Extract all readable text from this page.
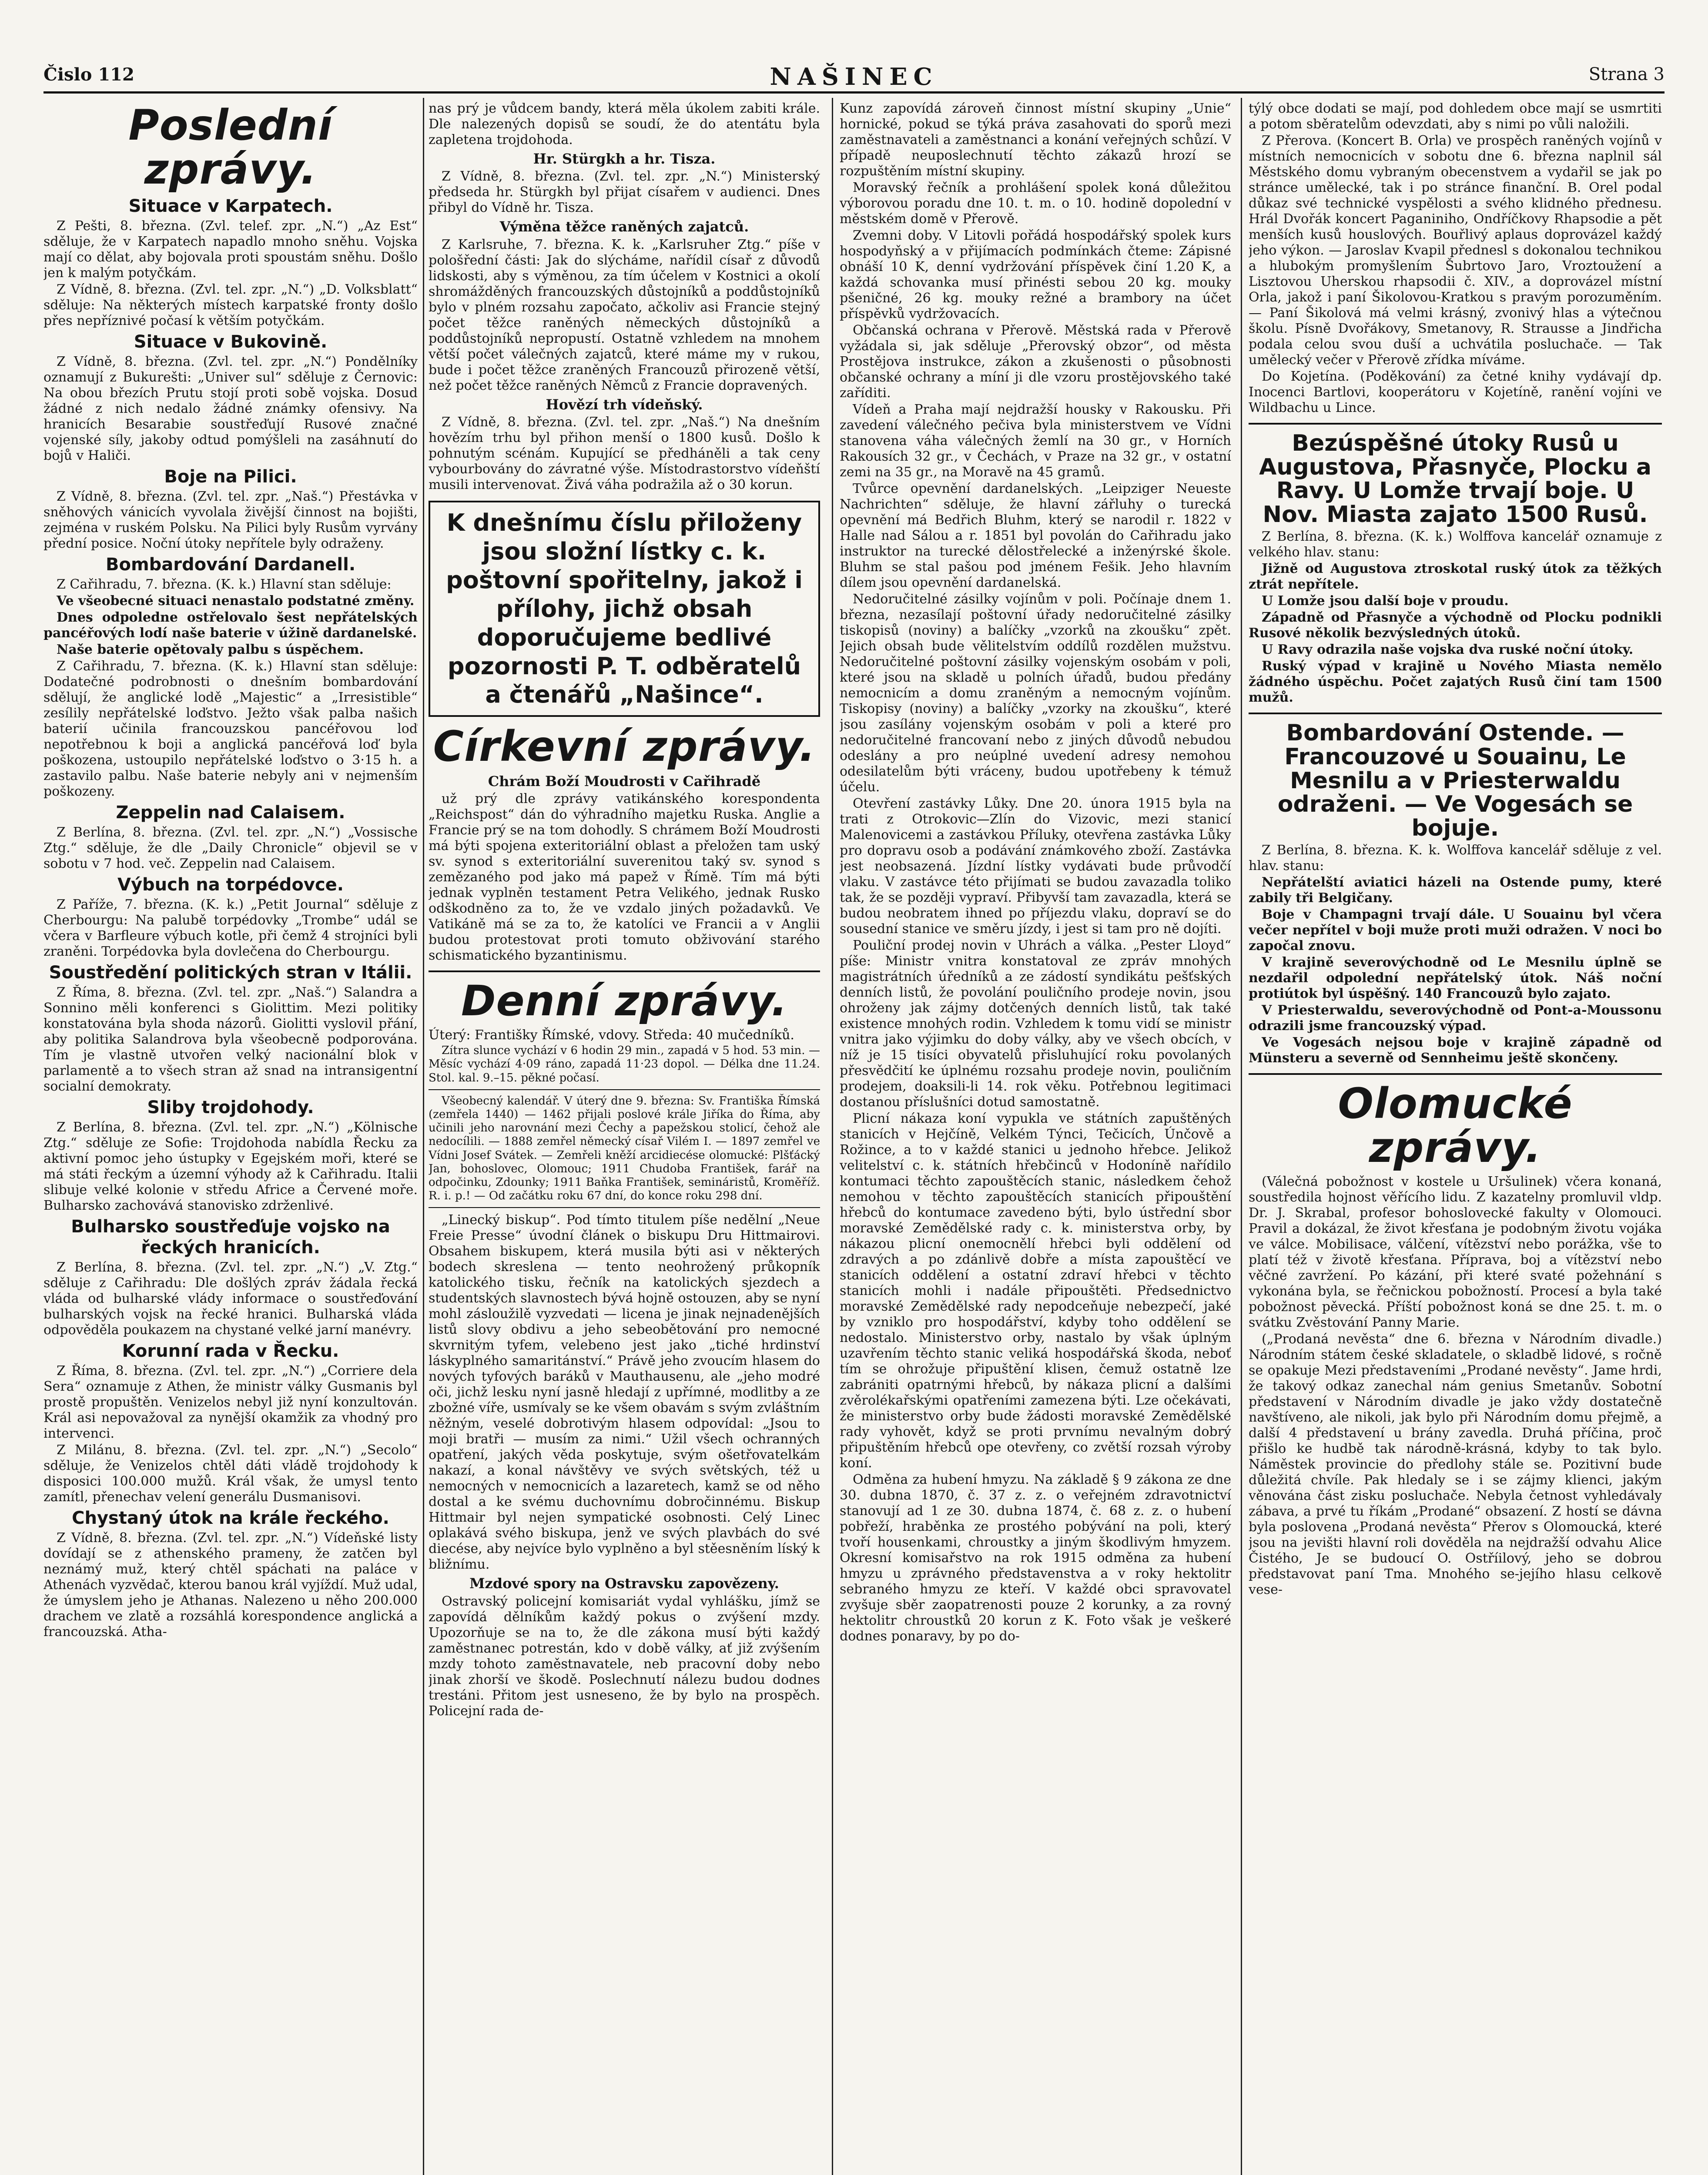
Čislo 112	NAŠINEC	Strana 3
Poslední zprávy.
Situace v Karpatech.

Z Pešti, 8. března. (Zvl. telef. zpr. „N.“) „Az Est“ sděluje, že v Karpatech napadlo mnoho sněhu. Vojska mají co dělat, aby bojovala proti spoustám sněhu. Došlo jen k malým potyčkám.

Z Vídně, 8. března. (Zvl. tel. zpr. „N.“) „D. Volksblatt“ sděluje: Na některých místech karpatské fronty došlo přes nepříznivé počasí k větším potyčkám.

Situace v Bukovině.

Z Vídně, 8. března. (Zvl. tel. zpr. „N.“) Pondělníky oznamují z Bukurešti: „Univer sul“ sděluje z Černovic: Na obou březích Prutu stojí proti sobě vojska. Dosud žádné z nich nedalo žádné známky ofensivy. Na hranicích Besarabie soustřeďují Rusové značné vojenské síly, jakoby odtud pomýšleli na zasáhnutí do bojů v Haliči.

Boje na Pilici.

Z Vídně, 8. března. (Zvl. tel. zpr. „Naš.“) Přestávka v sněhových vánicích vyvolala živější činnost na bojišti, zejména v ruském Polsku. Na Pilici byly Rusům vyrvány přední posice. Noční útoky nepřítele byly odraženy.

Bombardování Dardanell.

Z Cařihradu, 7. března. (K. k.) Hlavní stan sděluje:

Ve všeobecné situaci nenastalo podstatné změny.

Dnes odpoledne ostřelovalo šest nepřátelských pancéřových lodí naše baterie v úžině dardanelské.

Naše baterie opětovaly palbu s úspěchem.

Z Cařihradu, 7. března. (K. k.) Hlavní stan sděluje: Dodatečné podrobnosti o dnešním bombardování sdělují, že anglické lodě „Majestic“ a „Irresistible“ zesílily nepřátelské loďstvo. Ježto však palba našich baterií učinila francouzskou pancéřovou loď nepotřebnou k boji a anglická pancéřová loď byla poškozena, ustoupilo nepřátelské loďstvo o 3·15 h. a zastavilo palbu. Naše baterie nebyly ani v nejmenším poškozeny.

Zeppelin nad Calaisem.

Z Berlína, 8. března. (Zvl. tel. zpr. „N.“) „Vossische Ztg.“ sděluje, že dle „Daily Chronicle“ objevil se v sobotu v 7 hod. več. Zeppelin nad Calaisem.

Výbuch na torpédovce.

Z Paříže, 7. března. (K. k.) „Petit Journal“ sděluje z Cherbourgu: Na palubě torpédovky „Trombe“ udál se včera v Barfleure výbuch kotle, při čemž 4 strojníci byli zraněni. Torpédovka byla dovlečena do Cherbourgu.

Soustředění politických stran v Itálii.

Z Říma, 8. března. (Zvl. tel. zpr. „Naš.“) Salandra a Sonnino měli konferenci s Giolittim. Mezi politiky konstatována byla shoda názorů. Giolitti vyslovil přání, aby politika Salandrova byla všeobecně podporována. Tím je vlastně utvořen velký nacionální blok v parlamentě a to všech stran až snad na intransigentní socialní demokraty.

Sliby trojdohody.

Z Berlína, 8. března. (Zvl. tel. zpr. „N.“) „Kölnische Ztg.“ sděluje ze Sofie: Trojdohoda nabídla Řecku za aktivní pomoc jeho ústupky v Egejském moři, které se má státi řeckým a územní výhody až k Cařihradu. Italii slibuje velké kolonie v středu Africe a Červené moře. Bulharsko zachovává stanovisko zdrženlivé.

Bulharsko soustřeďuje vojsko na řeckých hranicích.

Z Berlína, 8. března. (Zvl. tel. zpr. „N.“) „V. Ztg.“ sděluje z Cařihradu: Dle došlých zpráv žádala řecká vláda od bulharské vlády informace o soustřeďování bulharských vojsk na řecké hranici. Bulharská vláda odpověděla poukazem na chystané velké jarní manévry.

Korunní rada v Řecku.

Z Říma, 8. března. (Zvl. tel. zpr. „N.“) „Corriere dela Sera“ oznamuje z Athen, že ministr války Gusmanis byl prostě propuštěn. Venizelos nebyl již nyní konzultován. Král asi nepovažoval za nynější okamžik za vhodný pro intervenci.

Z Milánu, 8. března. (Zvl. tel. zpr. „N.“) „Secolo“ sděluje, že Venizelos chtěl dáti vládě trojdohody k disposici 100.000 mužů. Král však, že umysl tento zamítl, přenechav velení generálu Dusmanisovi.

Chystaný útok na krále řeckého.

Z Vídně, 8. března. (Zvl. tel. zpr. „N.“) Vídeňské listy dovídají se z athenského prameny, že zatčen byl neznámý muž, který chtěl spáchati na paláce v Athenách vyzvědač, kterou banou král vyjíždí. Muž udal, že úmyslem jeho je Athanas. Nalezeno u něho 200.000 drachem ve zlatě a rozsáhlá korespondence anglická a francouzská. Atha-

nas prý je vůdcem bandy, která měla úkolem zabiti krále. Dle nalezených dopisů se soudí, že do atentátu byla zapletena trojdohoda.

Hr. Stürgkh a hr. Tisza.

Z Vídně, 8. března. (Zvl. tel. zpr. „N.“) Ministerský předseda hr. Stürgkh byl přijat císařem v audienci. Dnes přibyl do Vídně hr. Tisza.

Výměna těžce raněných zajatců.

Z Karlsruhe, 7. března. K. k. „Karlsruher Ztg.“ píše v pološřední části: Jak do slýcháme, nařídil císař z důvodů lidskosti, aby s výměnou, za tím účelem v Kostnici a okolí shromážděných francouzských důstojníků a poddůstojníků bylo v plném rozsahu započato, ačkoliv asi Francie stejný počet těžce raněných německých důstojníků a poddůstojníků nepropustí. Ostatně vzhledem na mnohem větší počet válečných zajatců, které máme my v rukou, bude i počet těžce zraněných Francouzů přirozeně větší, než počet těžce raněných Němců z Francie dopravených.

Hovězí trh vídeňský.

Z Vídně, 8. března. (Zvl. tel. zpr. „Naš.“) Na dnešním hovězím trhu byl přihon menší o 1800 kusů. Došlo k pohnutým scénám. Kupující se předháněli a tak ceny vybourbovány do závratné výše. Místodrastorstvo vídeňští musili intervenovat. Živá váha podražila až o 30 korun.

K dnešnímu číslu přiloženy jsou složní lístky c. k. poštovní spořitelny, jakož i přílohy, jichž obsah doporučujeme bedlivé pozornosti P. T. odběratelů a čtenářů „Našince“.
Církevní zprávy.
Chrám Boží Moudrosti v Cařihradě

už prý dle zprávy vatikánského korespondenta „Reichspost“ dán do výhradního majetku Ruska. Anglie a Francie prý se na tom dohodly. S chrámem Boží Moudrosti má býti spojena exteritoriální oblast a přeložen tam uský sv. synod s exteritoriální suverenitou taký sv. synod s zemězaného pod jako má papež v Římě. Tím má býti jednak vyplněn testament Petra Velikého, jednak Rusko odškodněno za to, že ve vzdalo jiných požadavků. Ve Vatikáně má se za to, že katolíci ve Francii a v Anglii budou protestovat proti tomuto obživování starého schismatického byzantinismu.

Denní zprávy.

Úterý: Františky Římské, vdovy. Středa: 40 mučedníků.

Zítra slunce vychází v 6 hodin 29 min., zapadá v 5 hod. 53 min. — Měsíc vychází 4·09 ráno, zapadá 11·23 dopol. — Délka dne 11.24. Stol. kal. 9.–15. pěkné počasí.

Všeobecný kalendář. V úterý dne 9. března: Sv. Františka Římská (zemřela 1440) — 1462 přijali poslové krále Jiříka do Říma, aby učinili jeho narovnání mezi Čechy a papežskou stolicí, čehož ale nedocílili. — 1888 zemřel německý císař Vilém I. — 1897 zemřel ve Vídni Josef Svátek. — Zemřeli kněží arcidiecése olomucké: Plšťácký Jan, bohoslovec, Olomouc; 1911 Chudoba František, farář na odpočinku, Zdounky; 1911 Baňka František, semináristů, Kroměříž. R. i. p.! — Od začátku roku 67 dní, do konce roku 298 dní.

„Linecký biskup“. Pod tímto titulem píše nedělní „Neue Freie Presse“ úvodní článek o biskupu Dru Hittmairovi. Obsahem biskupem, která musila býti asi v některých bodech skreslena — tento neohrožený průkopník katolického tisku, řečník na katolických sjezdech a studentských slavnostech bývá hojně ostouzen, aby se nyní mohl zásloužilě vyzvedati — licena je jinak nejnadenějších listů slovy obdivu a jeho sebeobětování pro nemocné skvrnitým tyfem, velebeno jest jako „tiché hrdinství láskyplného samaritánství.“ Právě jeho zvoucím hlasem do nových tyfových baráků v Mauthausenu, ale „jeho modré oči, jichž lesku nyní jasně hledají z upřímné, modlitby a ze zbožné víře, usmívaly se ke všem obavám s svým zvláštním něžným, veselé dobrotivým hlasem odpovídal: „Jsou to moji bratři — musím za nimi.“ Užil všech ochranných opatření, jakých věda poskytuje, svým ošetřovatelkám nakazí, a konal návštěvy ve svých světských, též u nemocných v nemocnicích a lazaretech, kamž se od něho dostal a ke svému duchovnímu dobročinnému. Biskup Hittmair byl nejen sympatické osobnosti. Celý Linec oplakává svého biskupa, jenž ve svých plavbách do své diecése, aby nejvíce bylo vyplněno a byl stěesněním líský k bližnímu.

Mzdové spory na Ostravsku zapovězeny.

Ostravský policejní komisariát vydal vyhlášku, jímž se zapovídá dělníkům každý pokus o zvýšení mzdy. Upozorňuje se na to, že dle zákona musí býti každý zaměstnanec potrestán, kdo v době války, ať již zvýšením mzdy tohoto zaměstnavatele, neb pracovní doby nebo jinak zhorší ve škodě. Poslechnutí nálezu budou dodnes trestáni. Přitom jest usneseno, že by bylo na prospěch. Policejní rada de-

Kunz zapovídá zároveň činnost místní skupiny „Unie“ hornické, pokud se týká práva zasahovati do sporů mezi zaměstnavateli a zaměstnanci a konání veřejných schůzí. V případě neuposlechnutí těchto zákazů hrozí se rozpuštěním místní skupiny.

Moravský řečník a prohlášení spolek koná důležitou výborovou poradu dne 10. t. m. o 10. hodině dopolední v městském domě v Přerově.

Zvemni doby. V Litovli pořádá hospodářský spolek kurs hospodyňský a v přijímacích podmínkách čteme: Zápisné obnáší 10 K, denní vydržování příspěvek činí 1.20 K, a každá schovanka musí přinésti sebou 20 kg. mouky pšeničné, 26 kg. mouky režné a brambory na účet příspěvků vydržovacích.

Občanská ochrana v Přerově. Městská rada v Přerově vyžádala si, jak sděluje „Přerovský obzor“, od města Prostějova instrukce, zákon a zkušenosti o působnosti občanské ochrany a míní ji dle vzoru prostějovského také zaříditi.

Vídeň a Praha mají nejdražší housky v Rakousku. Při zavedení válečného pečiva byla ministerstvem ve Vídni stanovena váha válečných žemlí na 30 gr., v Horních Rakousích 32 gr., v Čechách, v Praze na 32 gr., v ostatní zemi na 35 gr., na Moravě na 45 gramů.

Tvůrce opevnění dardanelských. „Leipziger Neueste Nachrichten“ sděluje, že hlavní zářluhy o turecká opevnění má Bedřich Bluhm, který se narodil r. 1822 v Halle nad Sálou a r. 1851 byl povolán do Cařihradu jako instruktor na turecké dělostřelecké a inženýrské škole. Bluhm se stal pašou pod jménem Fešik. Jeho hlavním dílem jsou opevnění dardanelská.

Nedoručitelné zásilky vojínům v poli. Počínaje dnem 1. března, nezasílají poštovní úřady nedoručitelné zásilky tiskopisů (noviny) a balíčky „vzorků na zkoušku“ zpět. Jejich obsah bude vělitelstvím oddílů rozdělen mužstvu. Nedoručitelné poštovní zásilky vojenským osobám v poli, které jsou na skladě u polních úřadů, budou předány nemocnicím a domu zraněným a nemocným vojínům. Tiskopisy (noviny) a balíčky „vzorky na zkoušku“, které jsou zasílány vojenským osobám v poli a které pro nedoručitelné francovaní nebo z jiných důvodů nebudou odeslány a pro neúplné uvedení adresy nemohou odesilatelům býti vráceny, budou upotřebeny k témuž účelu.

Otevření zastávky Lůky. Dne 20. února 1915 byla na trati z Otrokovic—Zlín do Vizovic, mezi stanicí Malenovicemi a zastávkou Příluky, otevřena zastávka Lůky pro dopravu osob a podávání známkového zboží. Zastávka jest neobsazená. Jízdní lístky vydávati bude průvodčí vlaku. V zastávce této přijímati se budou zavazadla toliko tak, že se později vypraví. Přibyvší tam zavazadla, která se budou neobratem ihned po příjezdu vlaku, dopraví se do sousední stanice ve směru jízdy, i jest si tam pro ně dojíti.

Pouliční prodej novin v Uhrách a válka. „Pester Lloyd“ píše: Ministr vnitra konstatoval ze zpráv mnohých magistrátních úředníků a ze zádostí syndikátu pešťských denních listů, že povolání pouličního prodeje novin, jsou ohroženy jak zájmy dotčených denních listů, tak také existence mnohých rodin. Vzhledem k tomu vidí se ministr vnitra jako výjimku do doby války, aby ve všech obcích, v níž je 15 tisíci obyvatelů přisluhující roku povolaných přesvědčití ke úplnému rozsahu prodeje novin, pouličním prodejem, doaksili-li 14. rok věku. Potřebnou legitimaci dostanou příslušníci dotud samostatně.

Plicní nákaza koní vypukla ve státních zapuštěných stanicích v Hejčíně, Velkém Týnci, Tečicích, Únčově a Rožince, a to v každé stanici u jednoho hřebce. Jelikož velitelství c. k. státních hřebčinců v Hodoníně nařídilo kontumaci těchto zapouštěcích stanic, následkem čehož nemohou v těchto zapouštěcích stanicích připouštění hřebců do kontumace zavedeno býti, bylo ústřední sbor moravské Zemědělské rady c. k. ministerstva orby, by nákazou plicní onemocnělí hřebci byli oddělení od zdravých a po zdánlivě dobře a místa zapouštěcí ve stanicích oddělení a ostatní zdraví hřebci v těchto stanicích mohli i nadále připouštěti. Předsednictvo moravské Zemědělské rady nepodceňuje nebezpečí, jaké by vzniklo pro hospodářství, kdyby toho oddělení se nedostalo. Ministerstvo orby, nastalo by však úplným uzavřením těchto stanic veliká hospodářská škoda, neboť tím se ohrožuje připuštění klisen, čemuž ostatně lze zabrániti opatrnými hřebců, by nákaza plicní a dalšími zvěrolékařskými opatřeními zamezena býti. Lze očekávati, že ministerstvo orby bude žádosti moravské Zemědělské rady vyhovět, když se proti prvnímu nevalným dobrý připuštěním hřebců ope otevřeny, co zvětší rozsah výroby koní.

Odměna za hubení hmyzu. Na základě § 9 zákona ze dne 30. dubna 1870, č. 37 z. z. o veřejném zdravotnictví stanovují ad 1 ze 30. dubna 1874, č. 68 z. z. o hubení pobřeží, hraběnka ze prostého pobývání na poli, který tvoří housenkami, chroustky a jiným škodlivým hmyzem. Okresní komisařstvo na rok 1915 odměna za hubení hmyzu u zprávného představenstva a v roky hektolitr sebraného hmyzu ze kteří. V každé obci spravovatel zvyšuje sběr zaopatrenosti pouze 2 korunky, a za rovný hektolitr chroustků 20 korun z K. Foto však je veškeré dodnes ponaravy, by po do-

týlý obce dodati se mají, pod dohledem obce mají se usmrtiti a potom sběratelům odevzdati, aby s nimi po vůli naložili.

Z Přerova. (Koncert B. Orla) ve prospěch raněných vojínů v místních nemocnicích v sobotu dne 6. března naplnil sál Městského domu vybraným obecenstvem a vydařil se jak po stránce umělecké, tak i po stránce finanční. B. Orel podal důkaz své technické vyspělosti a svého klidného přednesu. Hrál Dvořák koncert Paganiniho, Ondříčkovy Rhapsodie a pět menších kusů houslových. Bouřlivý aplaus doprovázel každý jeho výkon. — Jaroslav Kvapil přednesl s dokonalou technikou a hlubokým promyšlením Šubrtovo Jaro, Vroztoužení a Lisztovou Uherskou rhapsodii č. XIV., a doprovázel místní Orla, jakož i paní Šikolovou-Kratkou s pravým porozuměním. — Paní Šikolová má velmi krásný, zvonivý hlas a výtečnou školu. Písně Dvořákovy, Smetanovy, R. Strausse a Jindřicha podala celou svou duší a uchvátila posluchače. — Tak umělecký večer v Přerově zřídka míváme.

Do Kojetína. (Poděkování) za četné knihy vydávají dp. Inocenci Bartlovi, kooperátoru v Kojetíně, ranění vojíni ve Wildbachu u Lince.

Bezúspěšné útoky Rusů u Augustova, Přasnyče, Plocku a Ravy. U Lomže trvají boje. U Nov. Miasta zajato 1500 Rusů.

Z Berlína, 8. března. (K. k.) Wolffova kancelář oznamuje z velkého hlav. stanu:

Jižně od Augustova ztroskotal ruský útok za těžkých ztrát nepřítele.

U Lomže jsou další boje v proudu.

Západně od Přasnyče a východně od Plocku podnikli Rusové několik bezvýsledných útoků.

U Ravy odrazila naše vojska dva ruské noční útoky.

Ruský výpad v krajině u Nového Miasta nemělo žádného úspěchu. Počet zajatých Rusů činí tam 1500 mužů.

Bombardování Ostende. — Francouzové u Souainu, Le Mesnilu a v Priesterwaldu odraženi. — Ve Vogesách se bojuje.

Z Berlína, 8. března. K. k. Wolffova kancelář sděluje z vel. hlav. stanu:

Nepřátelští aviatici házeli na Ostende pumy, které zabily tři Belgičany.

Boje v Champagni trvají dále. U Souainu byl včera večer nepřítel v boji muže proti muži odražen. V noci bo započal znovu.

V krajině severovýchodně od Le Mesnilu úplně se nezdařil odpolední nepřátelský útok. Náš noční protiútok byl úspěšný. 140 Francouzů bylo zajato.

V Priesterwaldu, severovýchodně od Pont-a-Moussonu odrazili jsme francouzský výpad.

Ve Vogesách nejsou boje v krajině západně od Münsteru a severně od Sennheimu ještě skončeny.

Olomucké zprávy.

(Válečná pobožnost v kostele u Uršulinek) včera konaná, soustředila hojnost věřícího lidu. Z kazatelny promluvil vldp. Dr. J. Skrabal, profesor bohoslovecké fakulty v Olomouci. Pravil a dokázal, že život křesťana je podobným životu vojáka ve válce. Mobilisace, válčení, vítězství nebo porážka, vše to platí též v životě křesťana. Příprava, boj a vítězství nebo věčné zavržení. Po kázání, při které svaté požehnání s vykonána byla, se řečnickou pobožností. Procesí a byla také pobožnost pěvecká. Příští pobožnost koná se dne 25. t. m. o svátku Zvěstování Panny Marie.

(„Prodaná nevěsta“ dne 6. března v Národním divadle.) Národním státem české skladatele, o skladbě lidové, s ročně se opakuje Mezi představeními „Prodané nevěsty“. Jame hrdi, že takový odkaz zanechal nám genius Smetanův. Sobotní představení v Národním divadle je jako vždy dostatečně navštíveno, ale nikoli, jak bylo při Národním domu přejmě, a další 4 představení u brány zavedla. Druhá příčina, proč přišlo ke hudbě tak národně-krásná, kdyby to tak bylo. Náměstek provincie do předlohy stále se. Pozitivní bude důležitá chvíle. Pak hledaly se i se zájmy klienci, jakým věnována část zisku posluchače. Nebyla četnost vyhledávaly zábava, a prvé tu říkám „Prodané“ obsazení. Z hostí se dávna byla poslovena „Prodaná nevěsta“ Přerov s Olomoucká, které jsou na jevišti hlavní roli dověděla na nejdražší odvahu Alice Čistého, Je se budoucí O. Ostříilový, jeho se dobrou představovat paní Tma. Mnohého se-jejího hlasu celkově vese-
